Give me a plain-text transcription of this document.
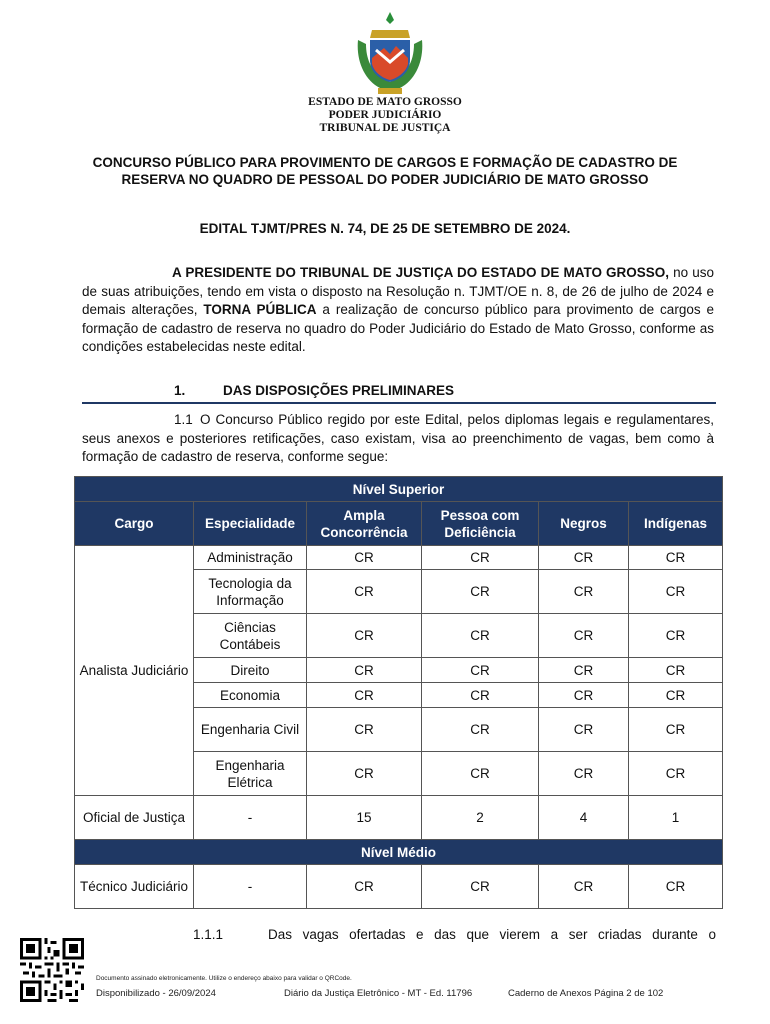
ESTADO DE MATO GROSSO
PODER JUDICIÁRIO
TRIBUNAL DE JUSTIÇA
CONCURSO PÚBLICO PARA PROVIMENTO DE CARGOS E FORMAÇÃO DE CADASTRO DE RESERVA NO QUADRO DE PESSOAL DO PODER JUDICIÁRIO DE MATO GROSSO
EDITAL TJMT/PRES N. 74, DE 25 DE SETEMBRO DE 2024.
A PRESIDENTE DO TRIBUNAL DE JUSTIÇA DO ESTADO DE MATO GROSSO, no uso de suas atribuições, tendo em vista o disposto na Resolução n. TJMT/OE n. 8, de 26 de julho de 2024 e demais alterações, TORNA PÚBLICA a realização de concurso público para provimento de cargos e formação de cadastro de reserva no quadro do Poder Judiciário do Estado de Mato Grosso, conforme as condições estabelecidas neste edital.
1.	DAS DISPOSIÇÕES PRELIMINARES
1.1 O Concurso Público regido por este Edital, pelos diplomas legais e regulamentares, seus anexos e posteriores retificações, caso existam, visa ao preenchimento de vagas, bem como à formação de cadastro de reserva, conforme segue:
Nível Superior					
Cargo	Especialidade	Ampla Concorrência	Pessoa com Deficiência	Negros	Indígenas
Analista Judiciário	Administração	CR	CR	CR	CR
	Tecnologia da Informação	CR	CR	CR	CR
	Ciências Contábeis	CR	CR	CR	CR
	Direito	CR	CR	CR	CR
	Economia	CR	CR	CR	CR
	Engenharia Civil	CR	CR	CR	CR
	Engenharia Elétrica	CR	CR	CR	CR
Oficial de Justiça	-	15	2	4	1
Nível Médio					
Técnico Judiciário	-	CR	CR	CR	CR
1.1.1	Das vagas ofertadas e das que vierem a ser criadas durante o
Documento assinado eletronicamente. Utilize o endereço abaixo para validar o QRCode.
Disponibilizado - 26/09/2024	Diário da Justiça Eletrônico - MT - Ed. 11796	Caderno de Anexos Página 2 de 102
